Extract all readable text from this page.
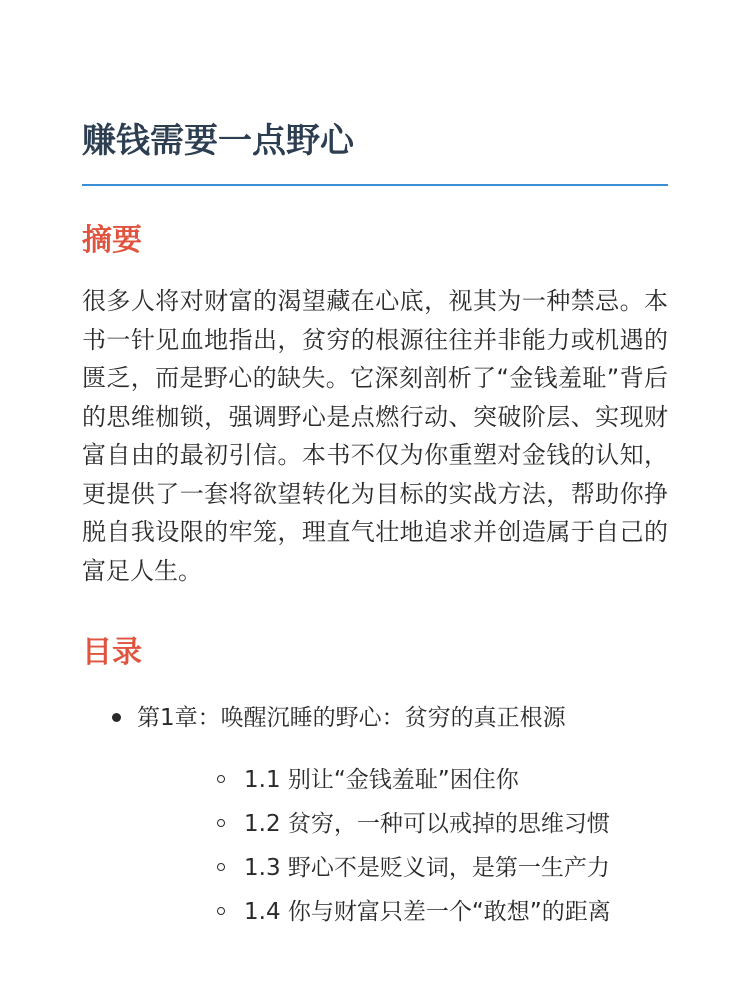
赚钱需要一点野心
摘要

很多人将对财富的渴望藏在心底，视其为一种禁忌。本书一针见血地指出，贫穷的根源往往并非能力或机遇的匮乏，而是野心的缺失。它深刻剖析了“金钱羞耻”背后的思维枷锁，强调野心是点燃行动、突破阶层、实现财富自由的最初引信。本书不仅为你重塑对金钱的认知，更提供了一套将欲望转化为目标的实战方法，帮助你挣脱自我设限的牢笼，理直气壮地追求并创造属于自己的富足人生。

目录
第1章：唤醒沉睡的野心：贫穷的真正根源
1.1 别让“金钱羞耻”困住你
1.2 贫穷，一种可以戒掉的思维习惯
1.3 野心不是贬义词，是第一生产力
1.4 你与财富只差一个“敢想”的距离
